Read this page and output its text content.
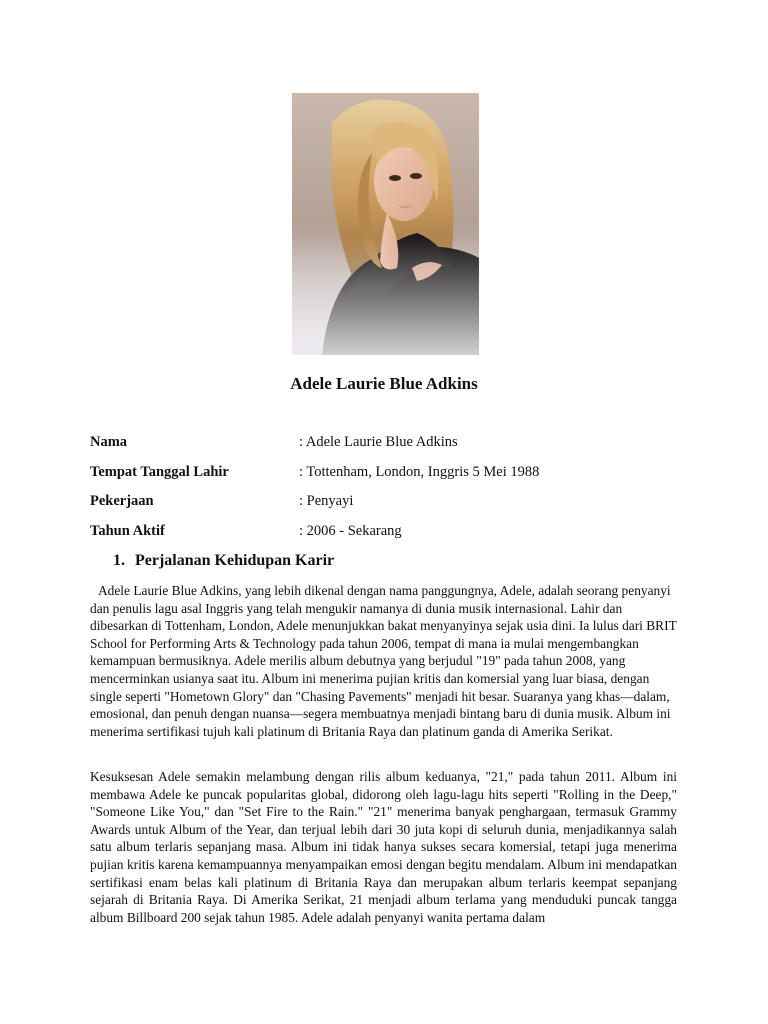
Adele Laurie Blue Adkins
Nama	: Adele Laurie Blue Adkins
Tempat Tanggal Lahir	: Tottenham, London, Inggris 5 Mei 1988
Pekerjaan	: Penyayi
Tahun Aktif	: 2006 - Sekarang
1. Perjalanan Kehidupan Karir

Adele Laurie Blue Adkins, yang lebih dikenal dengan nama panggungnya, Adele, adalah seorang penyanyi dan penulis lagu asal Inggris yang telah mengukir namanya di dunia musik internasional. Lahir dan dibesarkan di Tottenham, London, Adele menunjukkan bakat menyanyinya sejak usia dini. Ia lulus dari BRIT School for Performing Arts & Technology pada tahun 2006, tempat di mana ia mulai mengembangkan kemampuan bermusiknya. Adele merilis album debutnya yang berjudul "19" pada tahun 2008, yang mencerminkan usianya saat itu. Album ini menerima pujian kritis dan komersial yang luar biasa, dengan single seperti "Hometown Glory" dan "Chasing Pavements" menjadi hit besar. Suaranya yang khas—dalam, emosional, dan penuh dengan nuansa—segera membuatnya menjadi bintang baru di dunia musik. Album ini menerima sertifikasi tujuh kali platinum di Britania Raya dan platinum ganda di Amerika Serikat.

Kesuksesan Adele semakin melambung dengan rilis album keduanya, "21," pada tahun 2011. Album ini membawa Adele ke puncak popularitas global, didorong oleh lagu-lagu hits seperti "Rolling in the Deep," "Someone Like You," dan "Set Fire to the Rain." "21" menerima banyak penghargaan, termasuk Grammy Awards untuk Album of the Year, dan terjual lebih dari 30 juta kopi di seluruh dunia, menjadikannya salah satu album terlaris sepanjang masa. Album ini tidak hanya sukses secara komersial, tetapi juga menerima pujian kritis karena kemampuannya menyampaikan emosi dengan begitu mendalam. Album ini mendapatkan sertifikasi enam belas kali platinum di Britania Raya dan merupakan album terlaris keempat sepanjang sejarah di Britania Raya. Di Amerika Serikat, 21 menjadi album terlama yang menduduki puncak tangga album Billboard 200 sejak tahun 1985. Adele adalah penyanyi wanita pertama dalam
